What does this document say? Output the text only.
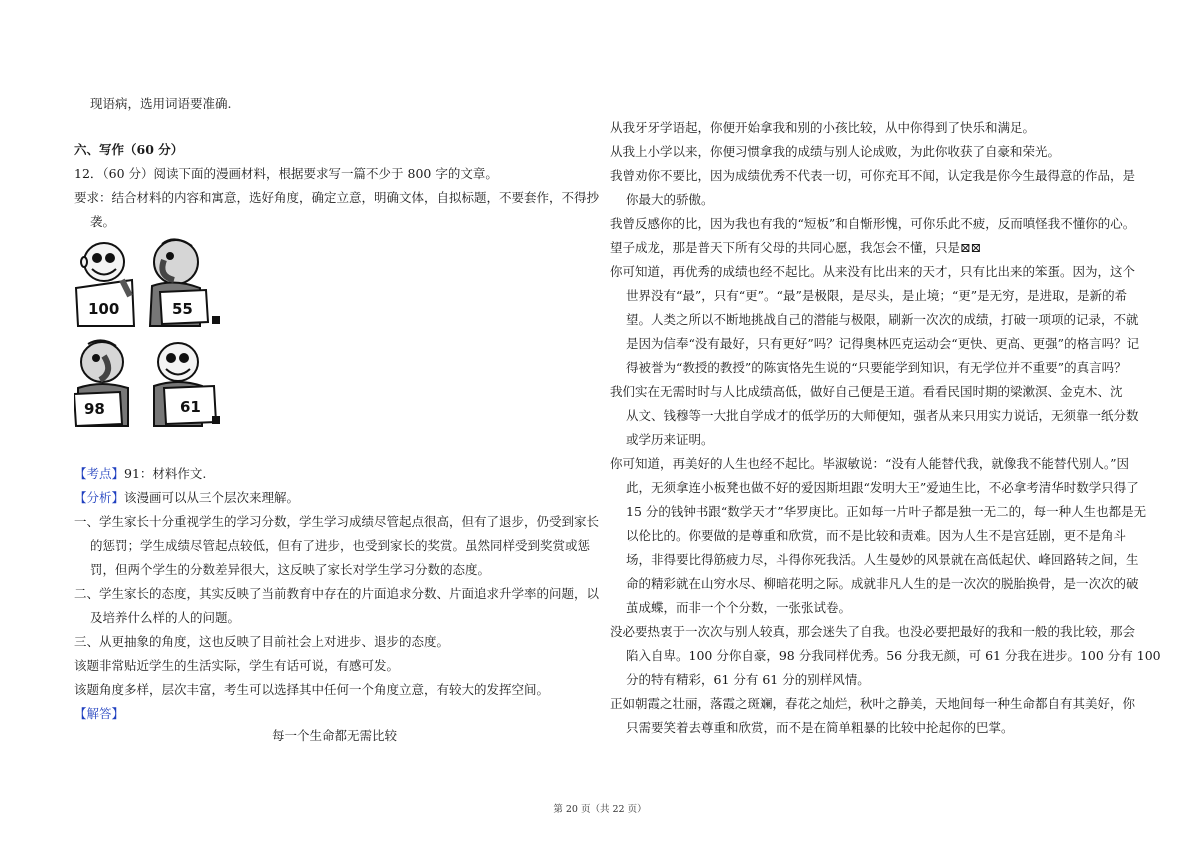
现语病，选用词语要准确.
六、写作（60 分）
12．（60 分）阅读下面的漫画材料，根据要求写一篇不少于 800 字的文章。
要求：结合材料的内容和寓意，选好角度，确定立意，明确文体，自拟标题，不要套作，不得抄
袭。
100	55
98	61
【考点】91：材料作文.
【分析】该漫画可以从三个层次来理解。
一、学生家长十分重视学生的学习分数，学生学习成绩尽管起点很高，但有了退步，仍受到家长
的惩罚；学生成绩尽管起点较低，但有了进步，也受到家长的奖赏。虽然同样受到奖赏或惩
罚，但两个学生的分数差异很大，这反映了家长对学生学习分数的态度。
二、学生家长的态度，其实反映了当前教育中存在的片面追求分数、片面追求升学率的问题，以
及培养什么样的人的问题。
三、从更抽象的角度，这也反映了目前社会上对进步、退步的态度。
该题非常贴近学生的生活实际，学生有话可说，有感可发。
该题角度多样，层次丰富，考生可以选择其中任何一个角度立意，有较大的发挥空间。
【解答】
每一个生命都无需比较
从我牙牙学语起，你便开始拿我和别的小孩比较，从中你得到了快乐和满足。
从我上小学以来，你便习惯拿我的成绩与别人论成败，为此你收获了自豪和荣光。
我曾劝你不要比，因为成绩优秀不代表一切，可你充耳不闻，认定我是你今生最得意的作品，是
你最大的骄傲。
我曾反感你的比，因为我也有我的“短板”和自惭形愧，可你乐此不疲，反而嗔怪我不懂你的心。
望子成龙，那是普天下所有父母的共同心愿，我怎会不懂，只是⊠⊠
你可知道，再优秀的成绩也经不起比。从来没有比出来的天才，只有比出来的笨蛋。因为，这个
世界没有“最”，只有“更”。“最”是极限，是尽头，是止境；“更”是无穷，是进取，是新的希
望。人类之所以不断地挑战自己的潜能与极限，刷新一次次的成绩，打破一项项的记录，不就
是因为信奉“没有最好，只有更好”吗？记得奥林匹克运动会“更快、更高、更强”的格言吗？记
得被誉为“教授的教授”的陈寅恪先生说的“只要能学到知识，有无学位并不重要”的真言吗？
我们实在无需时时与人比成绩高低，做好自己便是王道。看看民国时期的梁漱溟、金克木、沈
从文、钱穆等一大批自学成才的低学历的大师便知，强者从来只用实力说话，无须靠一纸分数
或学历来证明。
你可知道，再美好的人生也经不起比。毕淑敏说：“没有人能替代我，就像我不能替代别人。”因
此，无须拿连小板凳也做不好的爱因斯坦跟“发明大王”爱迪生比，不必拿考清华时数学只得了
15 分的钱钟书跟“数学天才”华罗庚比。正如每一片叶子都是独一无二的，每一种人生也都是无
以伦比的。你要做的是尊重和欣赏，而不是比较和责难。因为人生不是宫廷剧，更不是角斗
场，非得要比得筋疲力尽，斗得你死我活。人生曼妙的风景就在高低起伏、峰回路转之间，生
命的精彩就在山穷水尽、柳暗花明之际。成就非凡人生的是一次次的脱胎换骨，是一次次的破
茧成蝶，而非一个个分数，一张张试卷。
没必要热衷于一次次与别人较真，那会迷失了自我。也没必要把最好的我和一般的我比较，那会
陷入自卑。100 分你自豪，98 分我同样优秀。56 分我无颜，可 61 分我在进步。100 分有 100
分的特有精彩，61 分有 61 分的别样风情。
正如朝霞之壮丽，落霞之斑斓，春花之灿烂，秋叶之静美，天地间每一种生命都自有其美好，你
只需要笑着去尊重和欣赏，而不是在简单粗暴的比较中抡起你的巴掌。
第 20 页（共 22 页）
